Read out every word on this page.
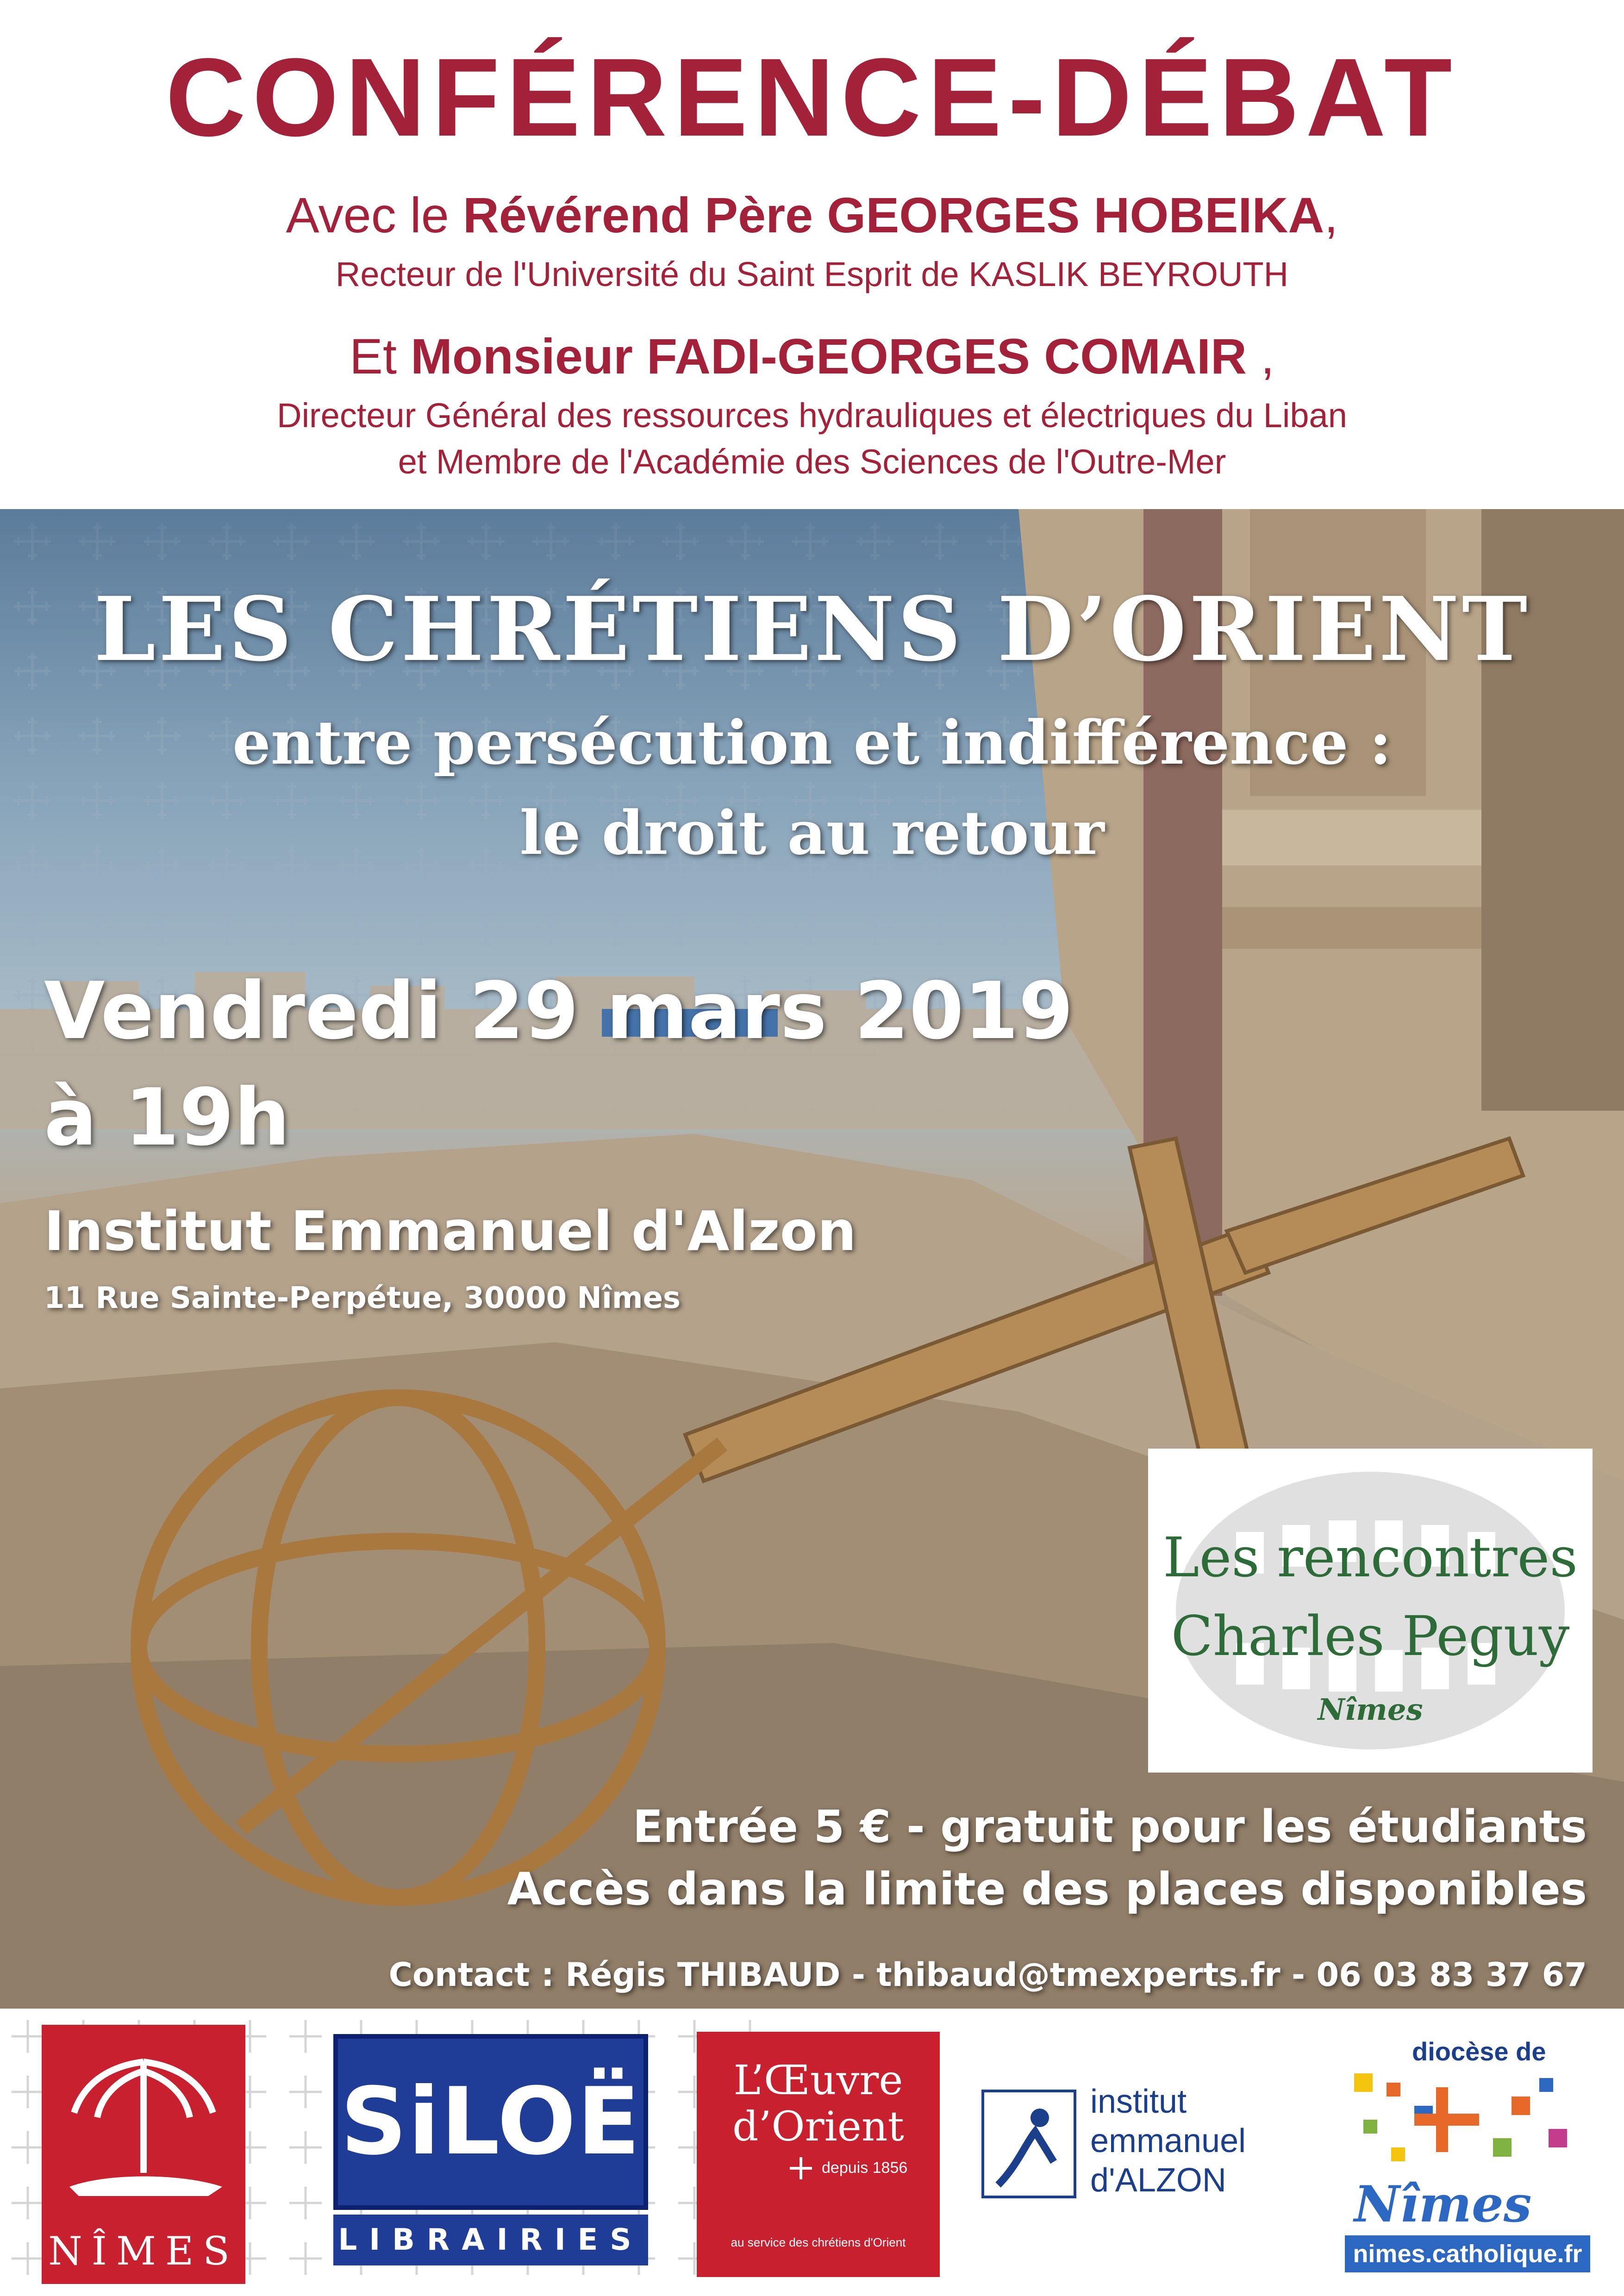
CONFÉRENCE-DÉBAT
Avec le Révérend Père GEORGES HOBEIKA,
Recteur de l'Université du Saint Esprit de KASLIK BEYROUTH
Et Monsieur FADI-GEORGES COMAIR ,
Directeur Général des ressources hydrauliques et électriques du Liban
et Membre de l'Académie des Sciences de l'Outre-Mer
LES CHRÉTIENS D’ORIENT
entre persécution et indifférence :
le droit au retour
Vendredi 29 mars 2019
à 19h
Institut Emmanuel d'Alzon
11 Rue Sainte-Perpétue, 30000 Nîmes
Les rencontres
Charles Peguy
Nîmes
Entrée 5 € - gratuit pour les étudiants
Accès dans la limite des places disponibles
Contact : Régis THIBAUD - thibaud@tmexperts.fr - 06 03 83 37 67
NÎMES
SiLOË
LIBRAIRIES
L’Œuvre
d’Orient
depuis 1856
au service des chrétiens d'Orient
institut
emmanuel
d'ALZON
diocèse de
Nîmes
nimes.catholique.fr
